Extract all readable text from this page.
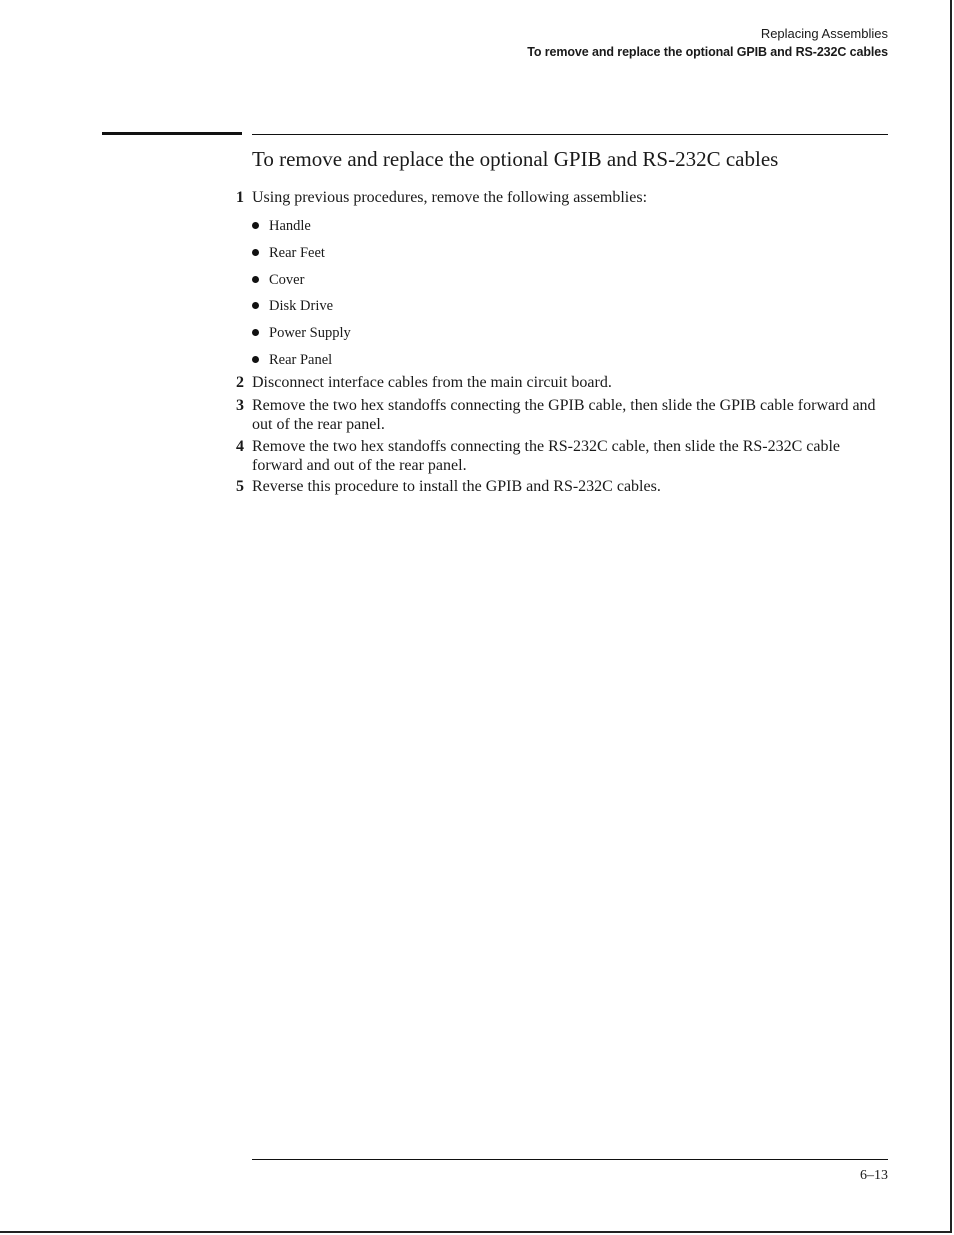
Replacing Assemblies
To remove and replace the optional GPIB and RS-232C cables
To remove and replace the optional GPIB and RS-232C cables
1 Using previous procedures, remove the following assemblies:
Handle
Rear Feet
Cover
Disk Drive
Power Supply
Rear Panel
2 Disconnect interface cables from the main circuit board.
3 Remove the two hex standoffs connecting the GPIB cable, then slide the GPIB cable forward and out of the rear panel.
4 Remove the two hex standoffs connecting the RS-232C cable, then slide the RS-232C cable forward and out of the rear panel.
5 Reverse this procedure to install the GPIB and RS-232C cables.
6–13
